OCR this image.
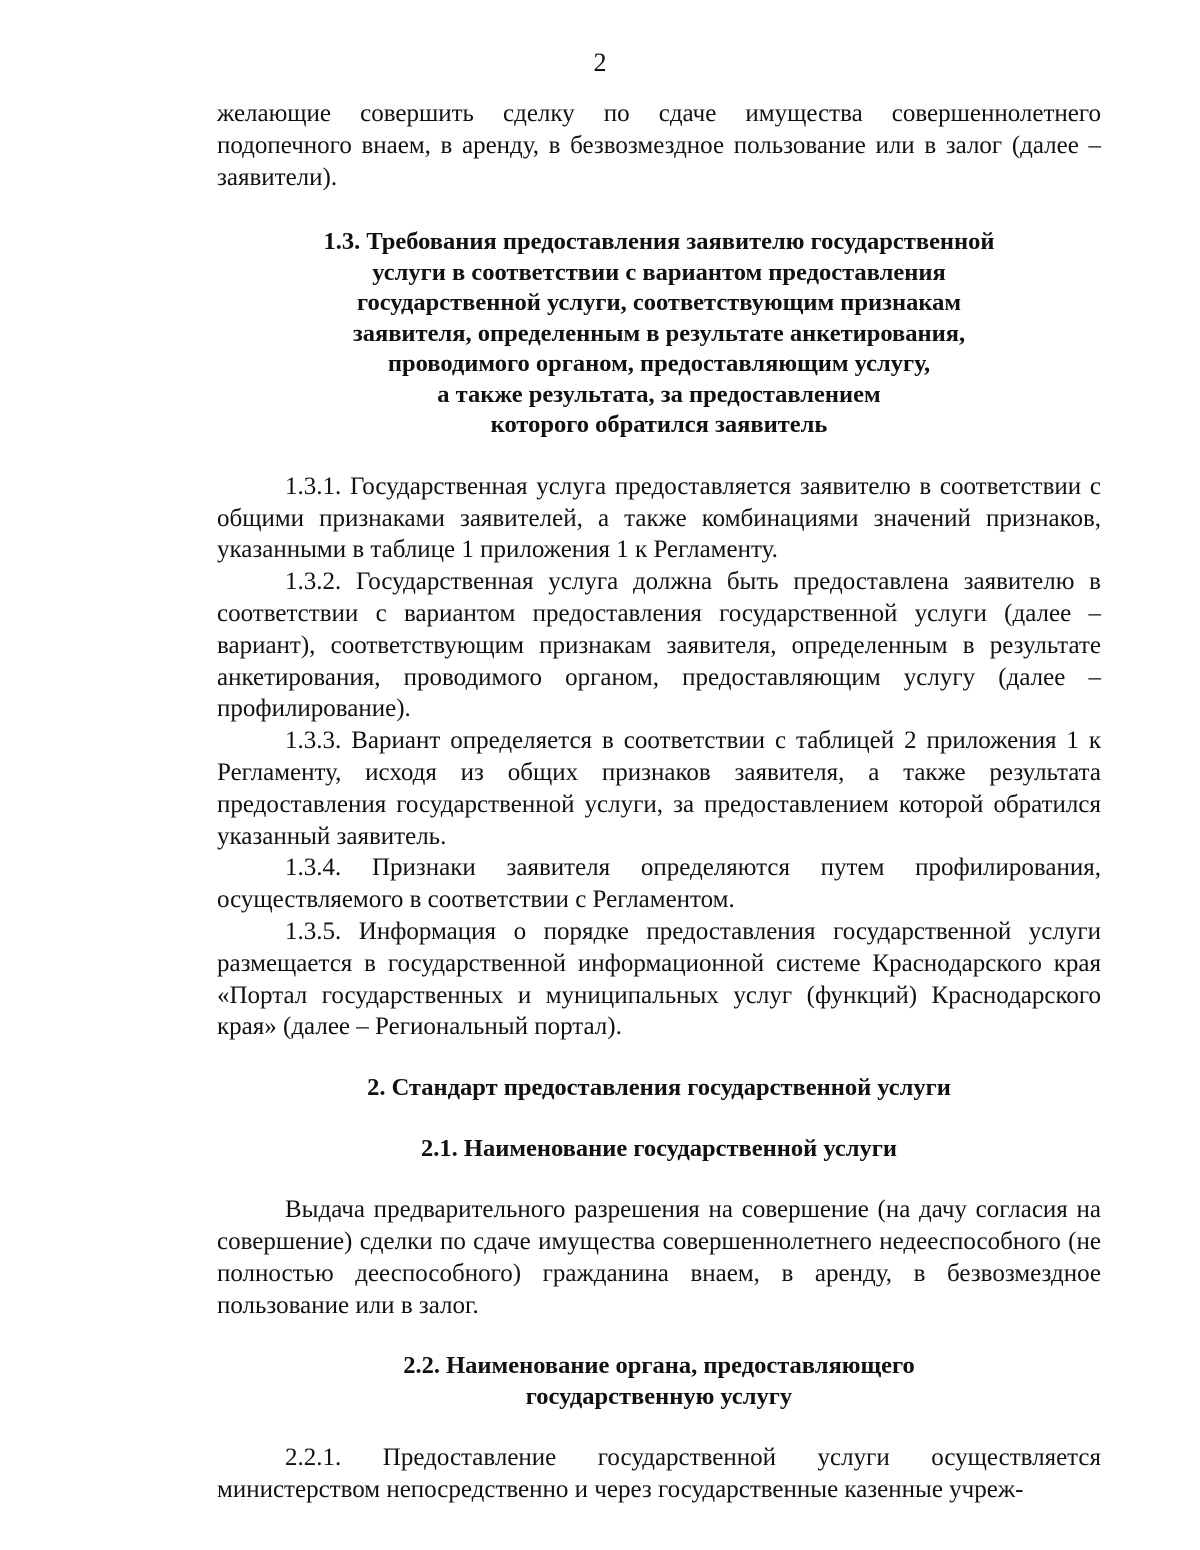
2

желающие совершить сделку по сдаче имущества совершеннолетнего подопечного внаем, в аренду, в безвозмездное пользование или в залог (далее – заявители).

1.3. Требования предоставления заявителю государственной
услуги в соответствии с вариантом предоставления
государственной услуги, соответствующим признакам
заявителя, определенным в результате анкетирования,
проводимого органом, предоставляющим услугу,
а также результата, за предоставлением
которого обратился заявитель

1.3.1. Государственная услуга предоставляется заявителю в соответствии с общими признаками заявителей, а также комбинациями значений признаков, указанными в таблице 1 приложения 1 к Регламенту.

1.3.2. Государственная услуга должна быть предоставлена заявителю в соответствии с вариантом предоставления государственной услуги (далее – вариант), соответствующим признакам заявителя, определенным в результате анкетирования, проводимого органом, предоставляющим услугу (далее – профилирование).

1.3.3. Вариант определяется в соответствии с таблицей 2 приложения 1 к Регламенту, исходя из общих признаков заявителя, а также результата предоставления государственной услуги, за предоставлением которой обратился указанный заявитель.

1.3.4. Признаки заявителя определяются путем профилирования, осуществляемого в соответствии с Регламентом.

1.3.5. Информация о порядке предоставления государственной услуги размещается в государственной информационной системе Краснодарского края «Портал государственных и муниципальных услуг (функций) Краснодарского края» (далее – Региональный портал).

2. Стандарт предоставления государственной услуги
2.1. Наименование государственной услуги

Выдача предварительного разрешения на совершение (на дачу согласия на совершение) сделки по сдаче имущества совершеннолетнего недееспособного (не полностью дееспособного) гражданина внаем, в аренду, в безвозмездное пользование или в залог.

2.2. Наименование органа, предоставляющего
государственную услугу

2.2.1. Предоставление государственной услуги осуществляется министерством непосредственно и через государственные казенные учреж-
